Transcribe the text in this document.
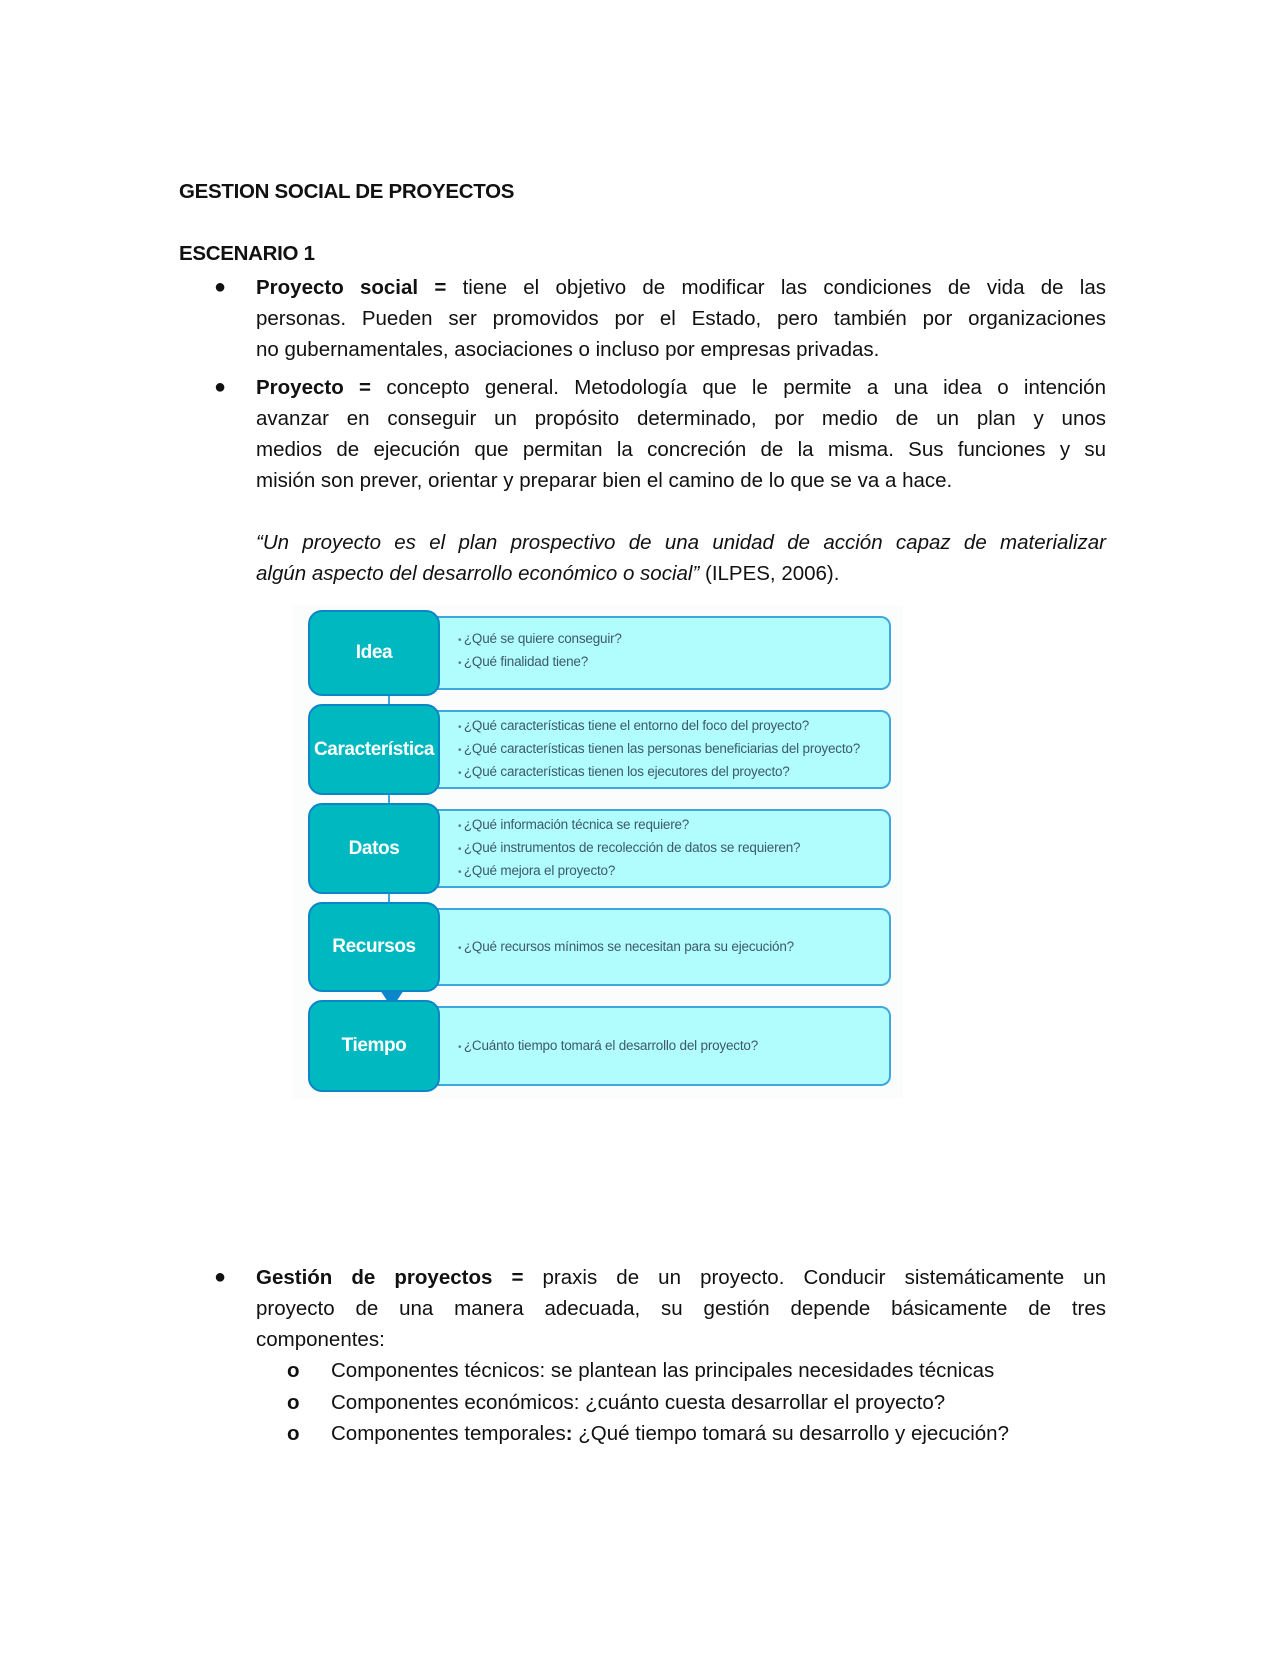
GESTION SOCIAL DE PROYECTOS
ESCENARIO 1
● Proyecto social = tiene el objetivo de modificar las condiciones de vida de las
personas. Pueden ser promovidos por el Estado, pero también por organizaciones
no gubernamentales, asociaciones o incluso por empresas privadas.
● Proyecto = concepto general. Metodología que le permite a una idea o intención
avanzar en conseguir un propósito determinado, por medio de un plan y unos
medios de ejecución que permitan la concreción de la misma. Sus funciones y su
misión son prever, orientar y preparar bien el camino de lo que se va a hace.
“Un proyecto es el plan prospectivo de una unidad de acción capaz de materializar
algún aspecto del desarrollo económico o social” (ILPES, 2006).
Idea
• ¿Qué se quiere conseguir?
• ¿Qué finalidad tiene?
Característica
• ¿Qué características tiene el entorno del foco del proyecto?
• ¿Qué características tienen las personas beneficiarias del proyecto?
• ¿Qué características tienen los ejecutores del proyecto?
Datos
• ¿Qué información técnica se requiere?
• ¿Qué instrumentos de recolección de datos se requieren?
• ¿Qué mejora el proyecto?
Recursos	• ¿Qué recursos mínimos se necesitan para su ejecución?
Tiempo	• ¿Cuánto tiempo tomará el desarrollo del proyecto?
● Gestión de proyectos = praxis de un proyecto. Conducir sistemáticamente un
proyecto de una manera adecuada, su gestión depende básicamente de tres
componentes:
o	Componentes técnicos: se plantean las principales necesidades técnicas
o	Componentes económicos: ¿cuánto cuesta desarrollar el proyecto?
o	Componentes temporales: ¿Qué tiempo tomará su desarrollo y ejecución?
